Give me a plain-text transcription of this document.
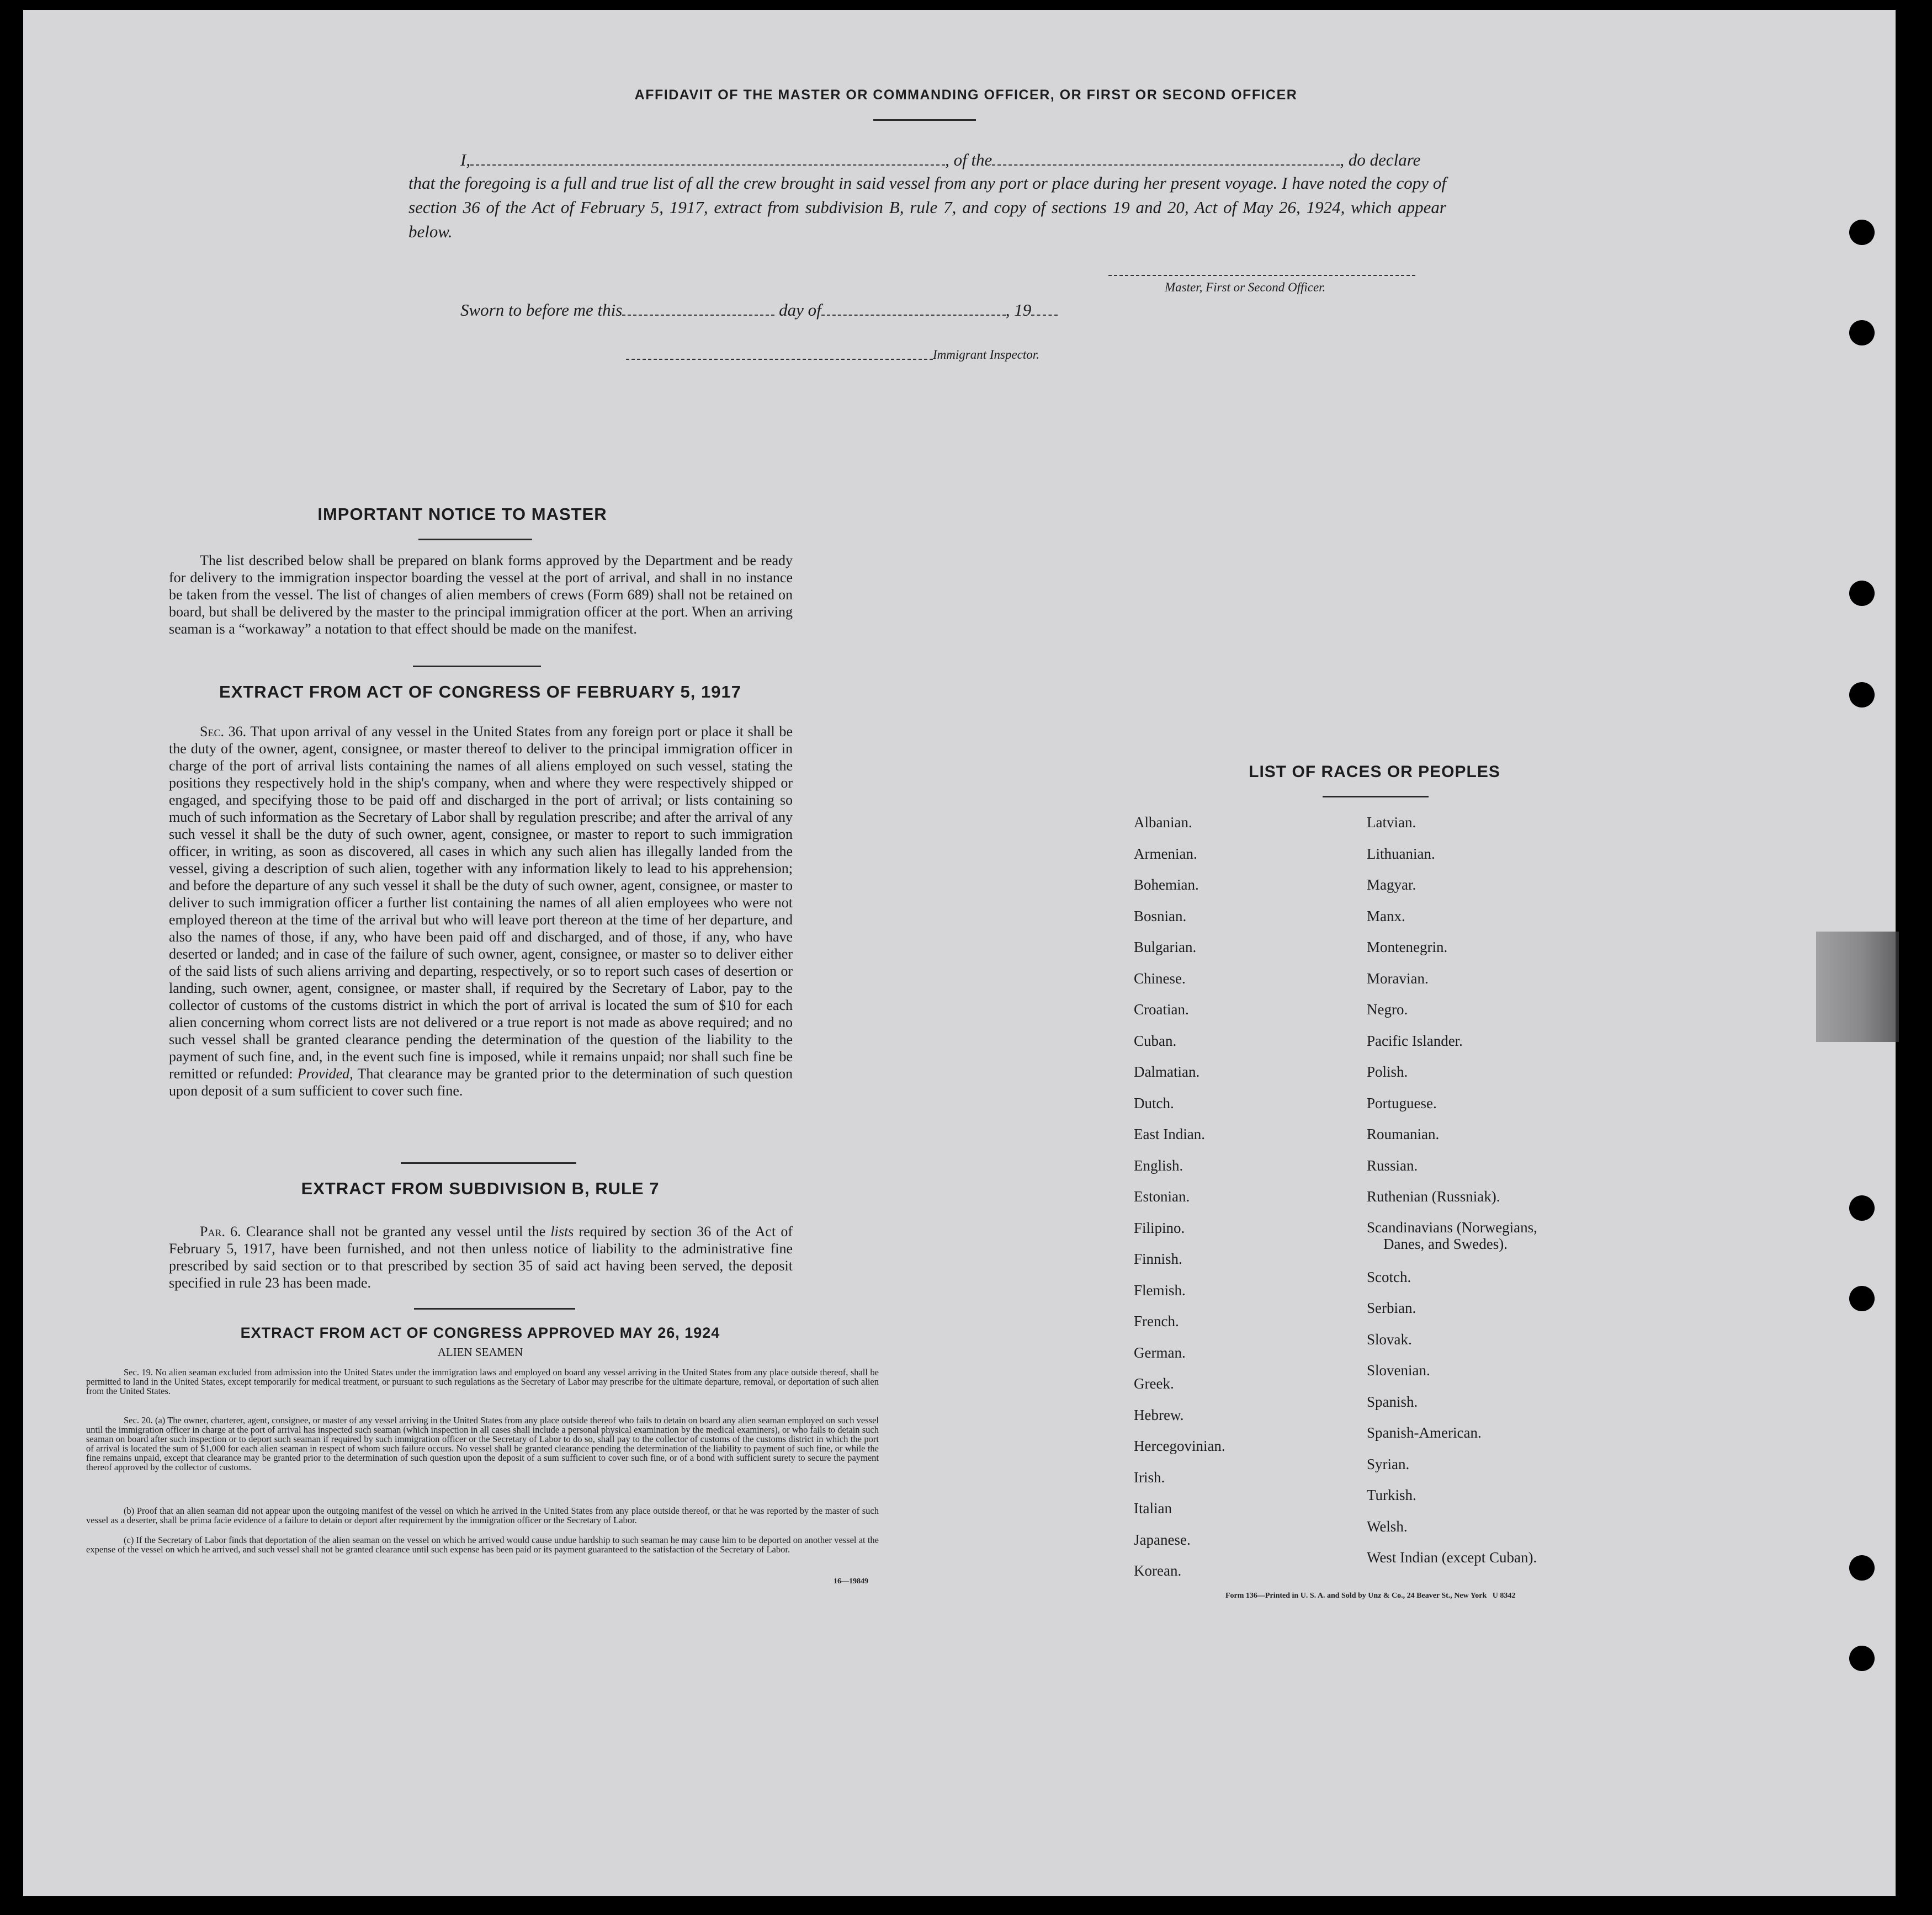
AFFIDAVIT OF THE MASTER OR COMMANDING OFFICER, OR FIRST OR SECOND OFFICER
I,	, of the	, do declare
that the foregoing is a full and true list of all the crew brought in said vessel from any port or place during her present voyage. I have noted the copy of section 36 of the Act of February 5, 1917, extract from subdivision B, rule 7, and copy of sections 19 and 20, Act of May 26, 1924, which appear below.
Master, First or Second Officer.
Sworn to before me this	day of	, 19
Immigrant Inspector.
IMPORTANT NOTICE TO MASTER
The list described below shall be prepared on blank forms approved by the Department and be ready for delivery to the immigration inspector boarding the vessel at the port of arrival, and shall in no instance be taken from the vessel. The list of changes of alien members of crews (Form 689) shall not be retained on board, but shall be delivered by the master to the principal immigration officer at the port. When an arriving seaman is a “workaway” a notation to that effect should be made on the manifest.
EXTRACT FROM ACT OF CONGRESS OF FEBRUARY 5, 1917
Sec. 36. That upon arrival of any vessel in the United States from any foreign port or place it shall be the duty of the owner, agent, consignee, or master thereof to deliver to the principal immigration officer in charge of the port of arrival lists containing the names of all aliens employed on such vessel, stating the positions they respectively hold in the ship's company, when and where they were respectively shipped or engaged, and specifying those to be paid off and discharged in the port of arrival; or lists containing so much of such information as the Secretary of Labor shall by regulation prescribe; and after the arrival of any such vessel it shall be the duty of such owner, agent, consignee, or master to report to such immigration officer, in writing, as soon as discovered, all cases in which any such alien has illegally landed from the vessel, giving a description of such alien, together with any information likely to lead to his apprehension; and before the departure of any such vessel it shall be the duty of such owner, agent, consignee, or master to deliver to such immigration officer a further list containing the names of all alien employees who were not employed thereon at the time of the arrival but who will leave port thereon at the time of her departure, and also the names of those, if any, who have been paid off and discharged, and of those, if any, who have deserted or landed; and in case of the failure of such owner, agent, consignee, or master so to deliver either of the said lists of such aliens arriving and departing, respectively, or so to report such cases of desertion or landing, such owner, agent, consignee, or master shall, if required by the Secretary of Labor, pay to the collector of customs of the customs district in which the port of arrival is located the sum of $10 for each alien concerning whom correct lists are not delivered or a true report is not made as above required; and no such vessel shall be granted clearance pending the determination of the question of the liability to the payment of such fine, and, in the event such fine is imposed, while it remains unpaid; nor shall such fine be remitted or refunded: Provided, That clearance may be granted prior to the determination of such question upon deposit of a sum sufficient to cover such fine.
EXTRACT FROM SUBDIVISION B, RULE 7
Par. 6. Clearance shall not be granted any vessel until the lists required by section 36 of the Act of February 5, 1917, have been furnished, and not then unless notice of liability to the administrative fine prescribed by said section or to that prescribed by section 35 of said act having been served, the deposit specified in rule 23 has been made.
EXTRACT FROM ACT OF CONGRESS APPROVED MAY 26, 1924
ALIEN SEAMEN
Sec. 19. No alien seaman excluded from admission into the United States under the immigration laws and employed on board any vessel arriving in the United States from any place outside thereof, shall be permitted to land in the United States, except temporarily for medical treatment, or pursuant to such regulations as the Secretary of Labor may prescribe for the ultimate departure, removal, or deportation of such alien from the United States.
Sec. 20. (a) The owner, charterer, agent, consignee, or master of any vessel arriving in the United States from any place outside thereof who fails to detain on board any alien seaman employed on such vessel until the immigration officer in charge at the port of arrival has inspected such seaman (which inspection in all cases shall include a personal physical examination by the medical examiners), or who fails to detain such seaman on board after such inspection or to deport such seaman if required by such immigration officer or the Secretary of Labor to do so, shall pay to the collector of customs of the customs district in which the port of arrival is located the sum of $1,000 for each alien seaman in respect of whom such failure occurs. No vessel shall be granted clearance pending the determination of the liability to payment of such fine, or while the fine remains unpaid, except that clearance may be granted prior to the determination of such question upon the deposit of a sum sufficient to cover such fine, or of a bond with sufficient surety to secure the payment thereof approved by the collector of customs.
(b) Proof that an alien seaman did not appear upon the outgoing manifest of the vessel on which he arrived in the United States from any place outside thereof, or that he was reported by the master of such vessel as a deserter, shall be prima facie evidence of a failure to detain or deport after requirement by the immigration officer or the Secretary of Labor.
(c) If the Secretary of Labor finds that deportation of the alien seaman on the vessel on which he arrived would cause undue hardship to such seaman he may cause him to be deported on another vessel at the expense of the vessel on which he arrived, and such vessel shall not be granted clearance until such expense has been paid or its payment guaranteed to the satisfaction of the Secretary of Labor.
16—19849
LIST OF RACES OR PEOPLES
Albanian.
Armenian.
Bohemian.
Bosnian.
Bulgarian.
Chinese.
Croatian.
Cuban.
Dalmatian.
Dutch.
East Indian.
English.
Estonian.
Filipino.
Finnish.
Flemish.
French.
German.
Greek.
Hebrew.
Hercegovinian.
Irish.
Italian
Japanese.
Korean.
Latvian.
Lithuanian.
Magyar.
Manx.
Montenegrin.
Moravian.
Negro.
Pacific Islander.
Polish.
Portuguese.
Roumanian.
Russian.
Ruthenian (Russniak).
Scandinavians (Norwegians,
Danes, and Swedes).
Scotch.
Serbian.
Slovak.
Slovenian.
Spanish.
Spanish-American.
Syrian.
Turkish.
Welsh.
West Indian (except Cuban).
Form 136—Printed in U. S. A. and Sold by Unz & Co., 24 Beaver St., New York   U 8342
